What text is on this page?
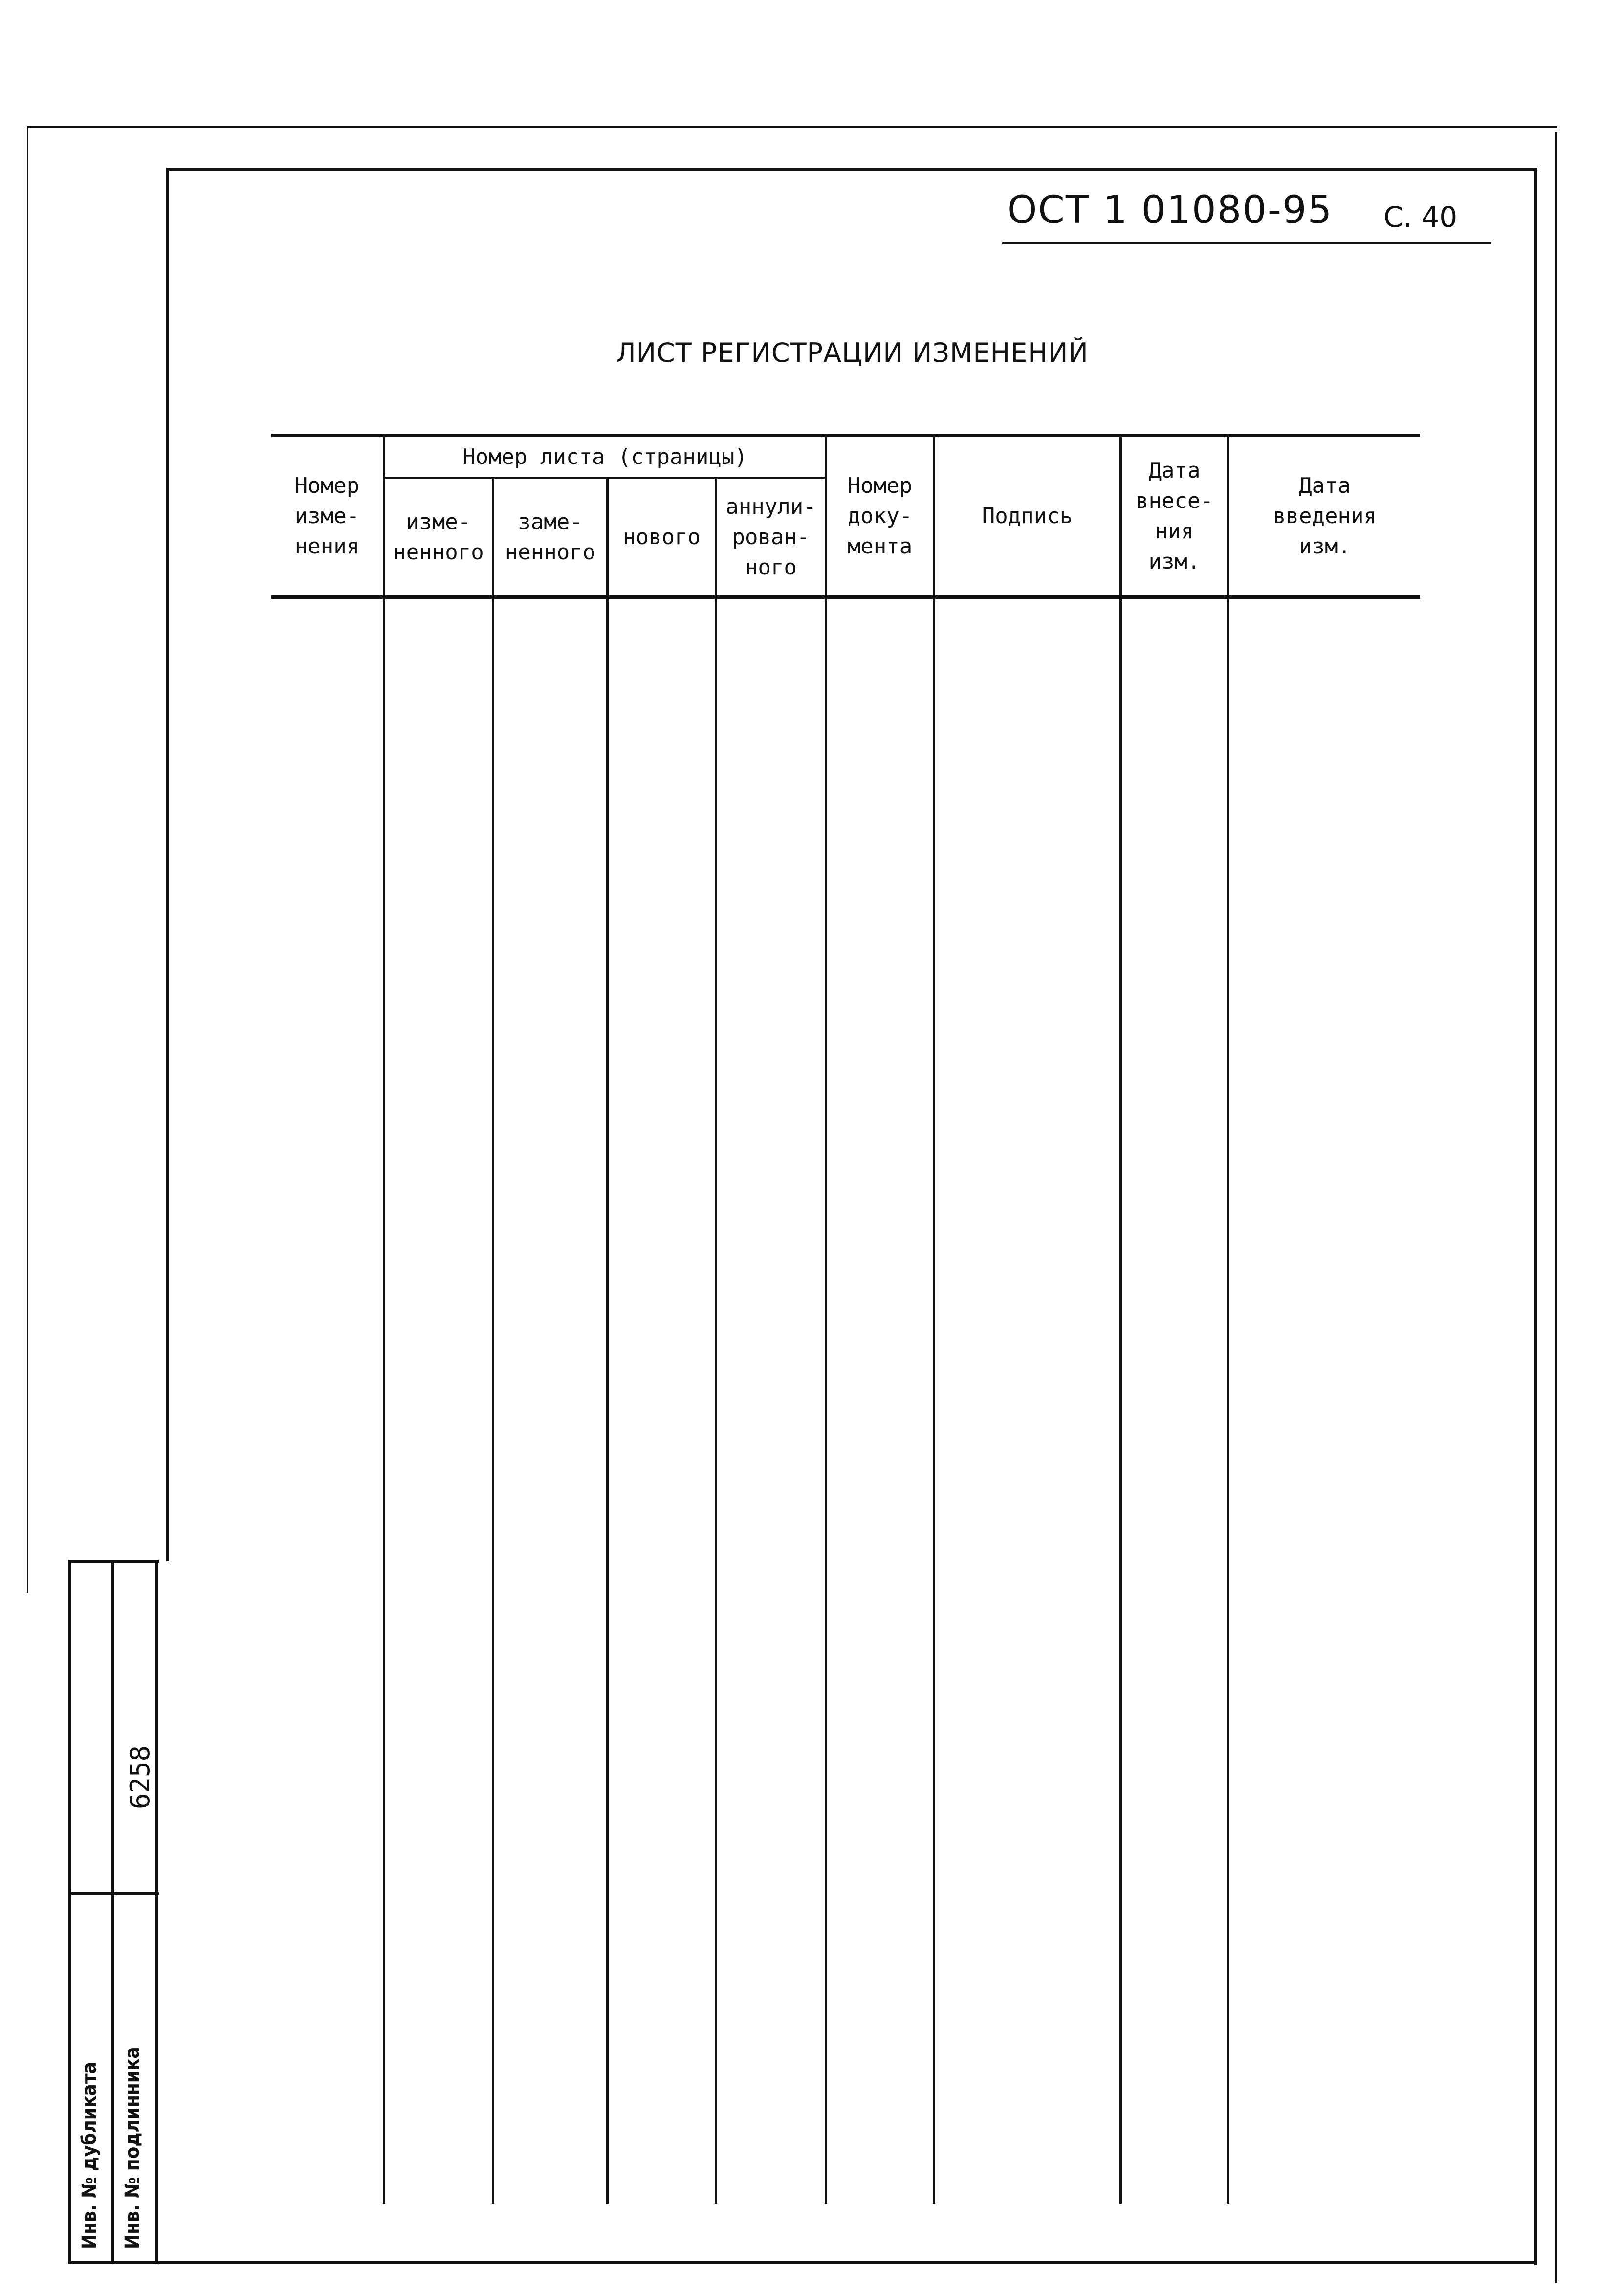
ОСТ 1 01080-95 С. 40
ЛИСТ РЕГИСТРАЦИИ ИЗМЕНЕНИЙ
Номер
изме-
нения
Номер листа (страницы)
изме-
ненного
заме-
ненного
нового
аннули-
рован-
ного
Номер
доку-
мента
Подпись
Дата
внесе-
ния
изм.
Дата
введения
изм.
Инв. № дубликата Инв. № подлинника
6258
